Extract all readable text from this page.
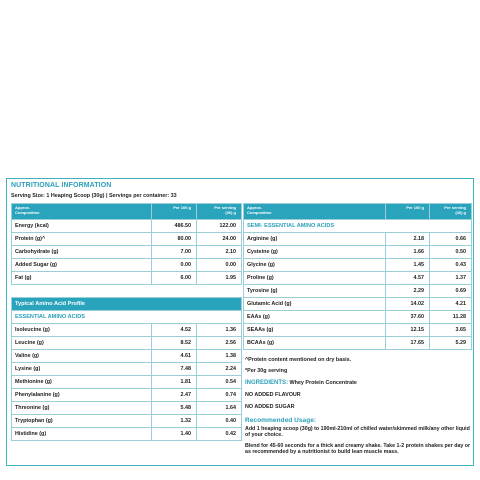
NUTRITIONAL INFORMATION
Serving Size: 1 Heaping Scoop (30g) | Servings per container: 33
Approx.
Composition	Per 100 g	Per serving
(30) g
Energy (kcal)	486.50	122.00
Protein (g)^	80.00	24.00
Carbohydrate (g)	7.00	2.10
Added Sugar (g)	0.00	0.00
Fat (g)	6.00	1.95
Typical Amino Acid Profile		
ESSENTIAL AMINO ACIDS		
Isoleucine (g)	4.52	1.36
Leucine (g)	8.52	2.56
Valine (g)	4.61	1.38
Lysine (g)	7.48	2.24
Methionine (g)	1.81	0.54
Phenylalanine (g)	2.47	0.74
Threonine (g)	5.48	1.64
Tryptophan (g)	1.32	0.40
Histidine (g)	1.40	0.42
Approx.
Composition	Per 100 g	Per serving
(30) g
SEMI- ESSENTIAL AMINO ACIDS		
Arginine (g)	2.18	0.66
Cysteine (g)	1.66	0.50
Glycine (g)	1.45	0.43
Proline (g)	4.57	1.37
Tyrosine (g)	2.29	0.69
Glutamic Acid (g)	14.02	4.21
EAAs (g)	37.60	11.28
SEAAs (g)	12.15	3.65
BCAAs (g)	17.65	5.29
^Protein content mentioned on dry basis.
*Per 30g serving
INGREDIENTS: Whey Protein Concentrate
NO ADDED FLAVOUR
NO ADDED SUGAR
Recommended Usage:
Add 1 heaping scoop (30g) to 190ml-210ml of chilled water/skimmed milk/any other liquid of your choice.
Blend for 45-60 seconds for a thick and creamy shake. Take 1-2 protein shakes per day or as recommended by a nutritionist to build lean muscle mass.
